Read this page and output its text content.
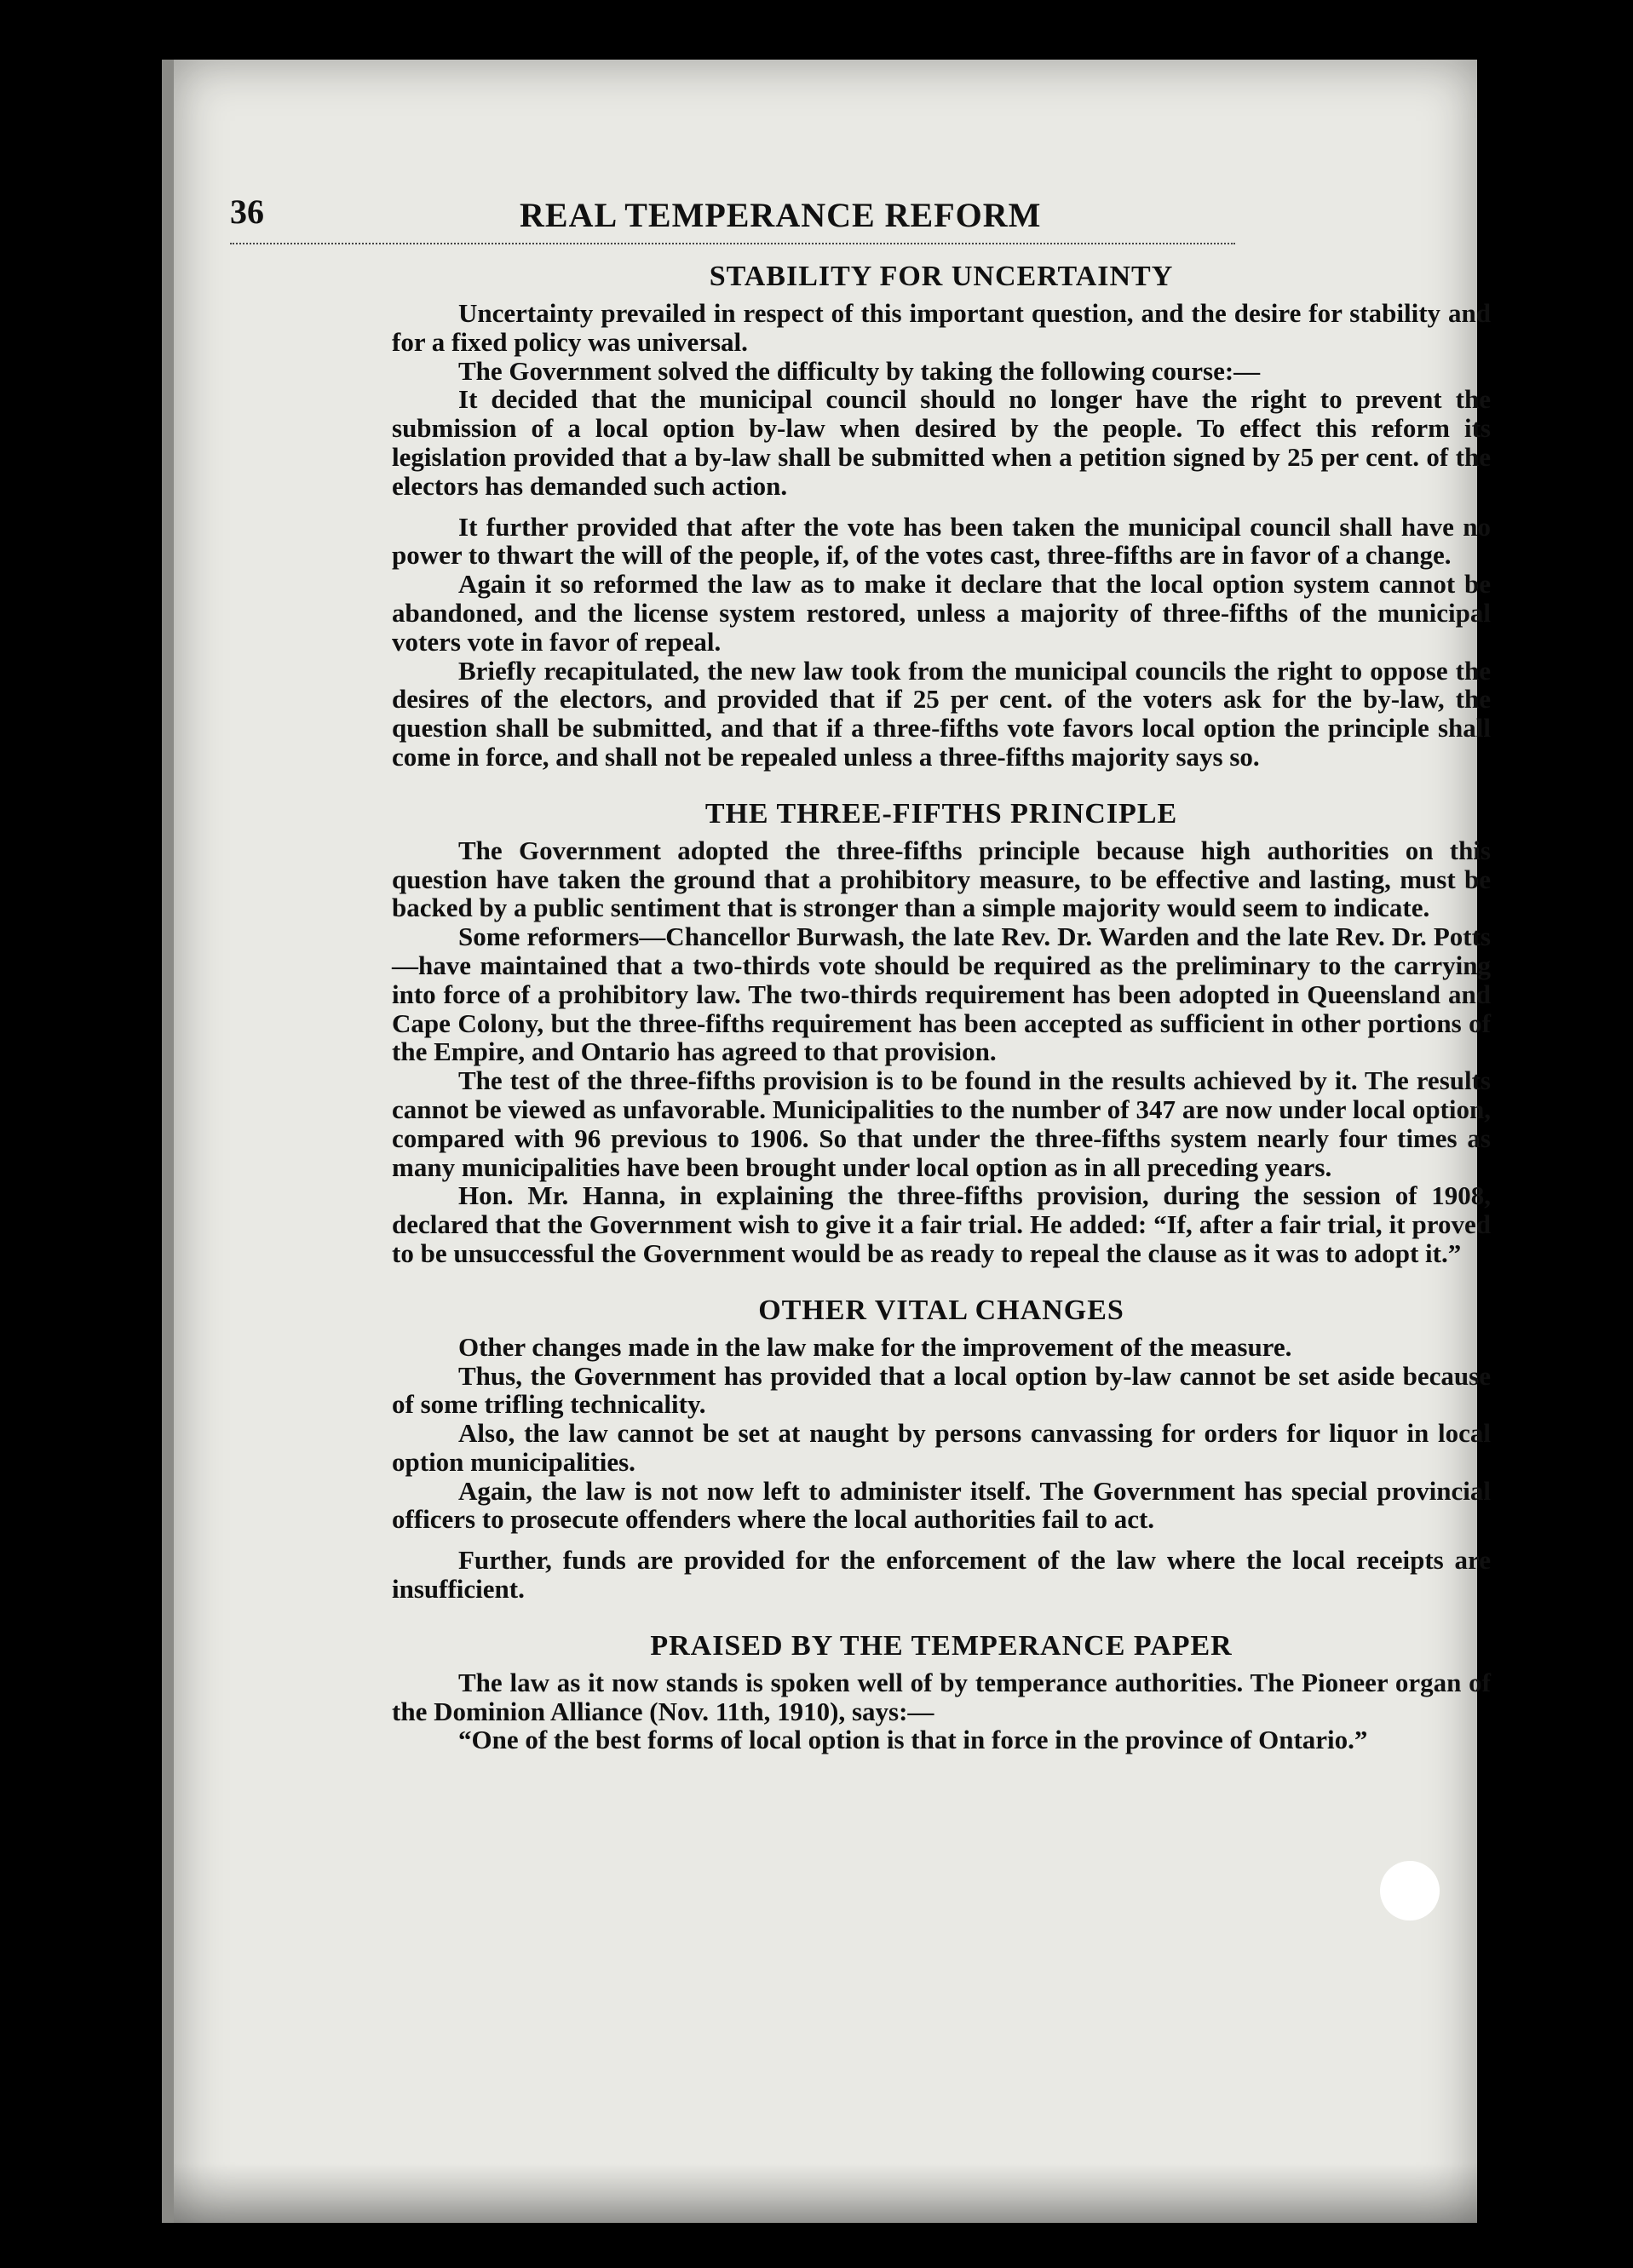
36	REAL TEMPERANCE REFORM
STABILITY FOR UNCERTAINTY

Uncertainty prevailed in respect of this important question, and the desire for stability and for a fixed policy was universal.

The Government solved the difficulty by taking the following course:—

It decided that the municipal council should no longer have the right to prevent the submission of a local option by-law when desired by the people. To effect this reform its legislation provided that a by-law shall be submitted when a petition signed by 25 per cent. of the electors has demanded such action.

It further provided that after the vote has been taken the municipal council shall have no power to thwart the will of the people, if, of the votes cast, three-fifths are in favor of a change.

Again it so reformed the law as to make it declare that the local option system cannot be abandoned, and the license system restored, unless a majority of three-fifths of the municipal voters vote in favor of repeal.

Briefly recapitulated, the new law took from the municipal councils the right to oppose the desires of the electors, and provided that if 25 per cent. of the voters ask for the by-law, the question shall be submitted, and that if a three-fifths vote favors local option the principle shall come in force, and shall not be repealed unless a three-fifths majority says so.

THE THREE-FIFTHS PRINCIPLE

The Government adopted the three-fifths principle because high authorities on this question have taken the ground that a prohibitory measure, to be effective and lasting, must be backed by a public sentiment that is stronger than a simple majority would seem to indicate.

Some reformers—Chancellor Burwash, the late Rev. Dr. Warden and the late Rev. Dr. Potts—have maintained that a two-thirds vote should be required as the preliminary to the carrying into force of a prohibitory law. The two-thirds requirement has been adopted in Queensland and Cape Colony, but the three-fifths requirement has been accepted as sufficient in other portions of the Empire, and Ontario has agreed to that provision.

The test of the three-fifths provision is to be found in the results achieved by it. The results cannot be viewed as unfavorable. Municipalities to the number of 347 are now under local option, compared with 96 previous to 1906. So that under the three-fifths system nearly four times as many municipalities have been brought under local option as in all preceding years.

Hon. Mr. Hanna, in explaining the three-fifths provision, during the session of 1908, declared that the Government wish to give it a fair trial. He added: “If, after a fair trial, it proved to be unsuccessful the Government would be as ready to repeal the clause as it was to adopt it.”

OTHER VITAL CHANGES

Other changes made in the law make for the improvement of the measure.

Thus, the Government has provided that a local option by-law cannot be set aside because of some trifling technicality.

Also, the law cannot be set at naught by persons canvassing for orders for liquor in local option municipalities.

Again, the law is not now left to administer itself. The Government has special provincial officers to prosecute offenders where the local authorities fail to act.

Further, funds are provided for the enforcement of the law where the local receipts are insufficient.

PRAISED BY THE TEMPERANCE PAPER

The law as it now stands is spoken well of by temperance authorities. The Pioneer organ of the Dominion Alliance (Nov. 11th, 1910), says:—

“One of the best forms of local option is that in force in the province of Ontario.”
